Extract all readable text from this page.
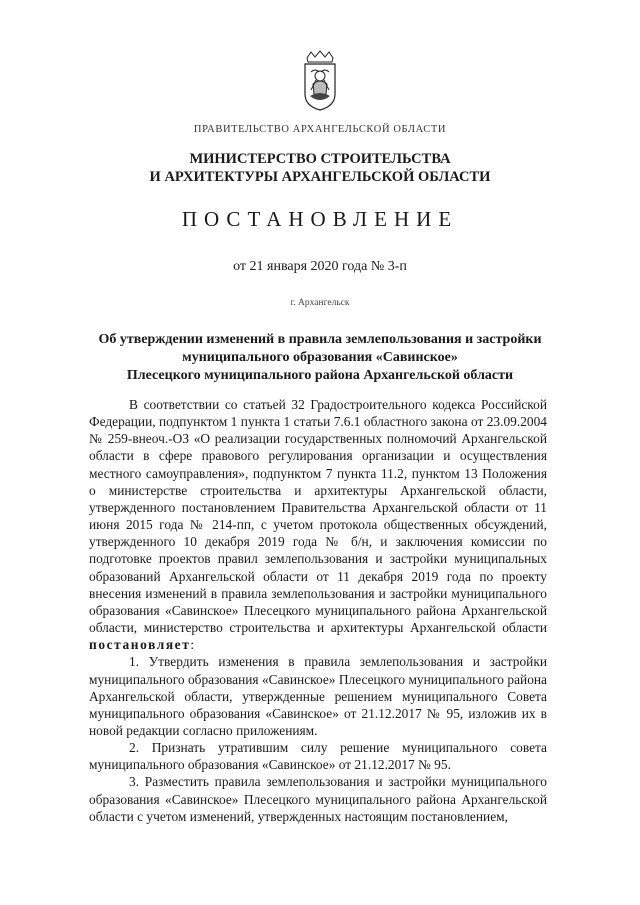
ПРАВИТЕЛЬСТВО АРХАНГЕЛЬСКОЙ ОБЛАСТИ
МИНИСТЕРСТВО СТРОИТЕЛЬСТВА
И АРХИТЕКТУРЫ АРХАНГЕЛЬСКОЙ ОБЛАСТИ
ПОСТАНОВЛЕНИЕ
от 21 января 2020 года № 3-п
г. Архангельск
Об утверждении изменений в правила землепользования и застройки
муниципального образования «Савинское»
Плесецкого муниципального района Архангельской области

В соответствии со статьей 32 Градостроительного кодекса Российской Федерации, подпунктом 1 пункта 1 статьи 7.6.1 областного закона от 23.09.2004 № 259-внеоч.-ОЗ «О реализации государственных полномочий Архангельской области в сфере правового регулирования организации и осуществления местного самоуправления», подпунктом 7 пункта 11.2, пунктом 13 Положения о министерстве строительства и архитектуры Архангельской области, утвержденного постановлением Правительства Архангельской области от 11 июня 2015 года № 214-пп, с учетом протокола общественных обсуждений, утвержденного 10 декабря 2019 года № б/н, и заключения комиссии по подготовке проектов правил землепользования и застройки муниципальных образований Архангельской области от 11 декабря 2019 года по проекту внесения изменений в правила землепользования и застройки муниципального образования «Савинское» Плесецкого муниципального района Архангельской области, министерство строительства и архитектуры Архангельской области постановляет:

1. Утвердить изменения в правила землепользования и застройки муниципального образования «Савинское» Плесецкого муниципального района Архангельской области, утвержденные решением муниципального Совета муниципального образования «Савинское» от 21.12.2017 № 95, изложив их в новой редакции согласно приложениям.

2. Признать утратившим силу решение муниципального совета муниципального образования «Савинское» от 21.12.2017 № 95.

3. Разместить правила землепользования и застройки муниципального образования «Савинское» Плесецкого муниципального района Архангельской области с учетом изменений, утвержденных настоящим постановлением,
